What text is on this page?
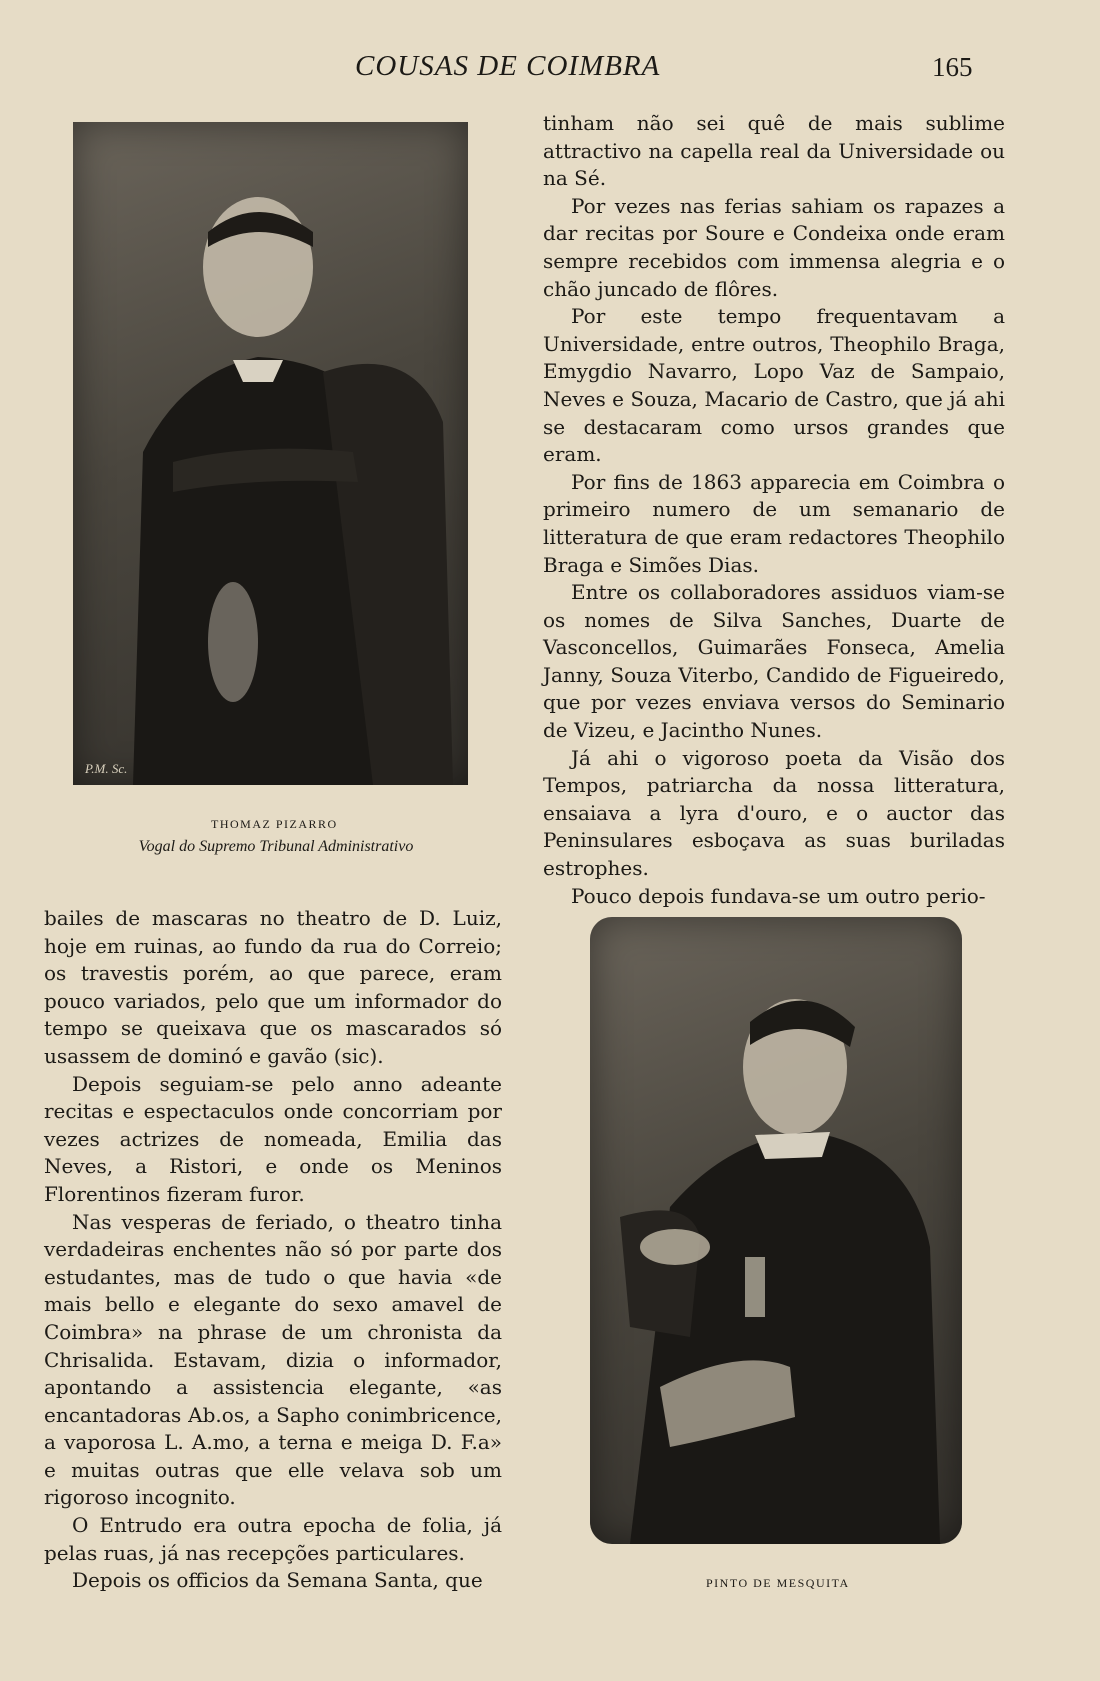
COUSAS DE COIMBRA	165
P.M. Sc.
THOMAZ PIZARRO
Vogal do Supremo Tribunal Administrativo
PINTO DE MESQUITA

tinham não sei quê de mais sublime attractivo na capella real da Universidade ou na Sé.

Por vezes nas ferias sahiam os rapazes a dar recitas por Soure e Condeixa onde eram sempre recebidos com immensa alegria e o chão juncado de flôres.

Por este tempo frequentavam a Universidade, entre outros, Theophilo Braga, Emygdio Navarro, Lopo Vaz de Sampaio, Neves e Souza, Macario de Castro, que já ahi se destacaram como ursos grandes que eram.

Por fins de 1863 apparecia em Coimbra o primeiro numero de um semanario de litteratura de que eram redactores Theophilo Braga e Simões Dias.

Entre os collaboradores assiduos viam-se os nomes de Silva Sanches, Duarte de Vasconcellos, Guimarães Fonseca, Amelia Janny, Souza Viterbo, Candido de Figueiredo, que por vezes enviava versos do Seminario de Vizeu, e Jacintho Nunes.

Já ahi o vigoroso poeta da Visão dos Tempos, patriarcha da nossa litteratura, ensaiava a lyra d'ouro, e o auctor das Peninsulares esboçava as suas buriladas estrophes.

Pouco depois fundava-se um outro perio-

bailes de mascaras no theatro de D. Luiz, hoje em ruinas, ao fundo da rua do Correio; os travestis porém, ao que parece, eram pouco variados, pelo que um informador do tempo se queixava que os mascarados só usassem de dominó e gavão (sic).

Depois seguiam-se pelo anno adeante recitas e espectaculos onde concorriam por vezes actrizes de nomeada, Emilia das Neves, a Ristori, e onde os Meninos Florentinos fizeram furor.

Nas vesperas de feriado, o theatro tinha verdadeiras enchentes não só por parte dos estudantes, mas de tudo o que havia «de mais bello e elegante do sexo amavel de Coimbra» na phrase de um chronista da Chrisalida. Estavam, dizia o informador, apontando a assistencia elegante, «as encantadoras Ab.os, a Sapho conimbricence, a vaporosa L. A.mo, a terna e meiga D. F.a» e muitas outras que elle velava sob um rigoroso incognito.

O Entrudo era outra epocha de folia, já pelas ruas, já nas recepções particulares.

Depois os officios da Semana Santa, que
